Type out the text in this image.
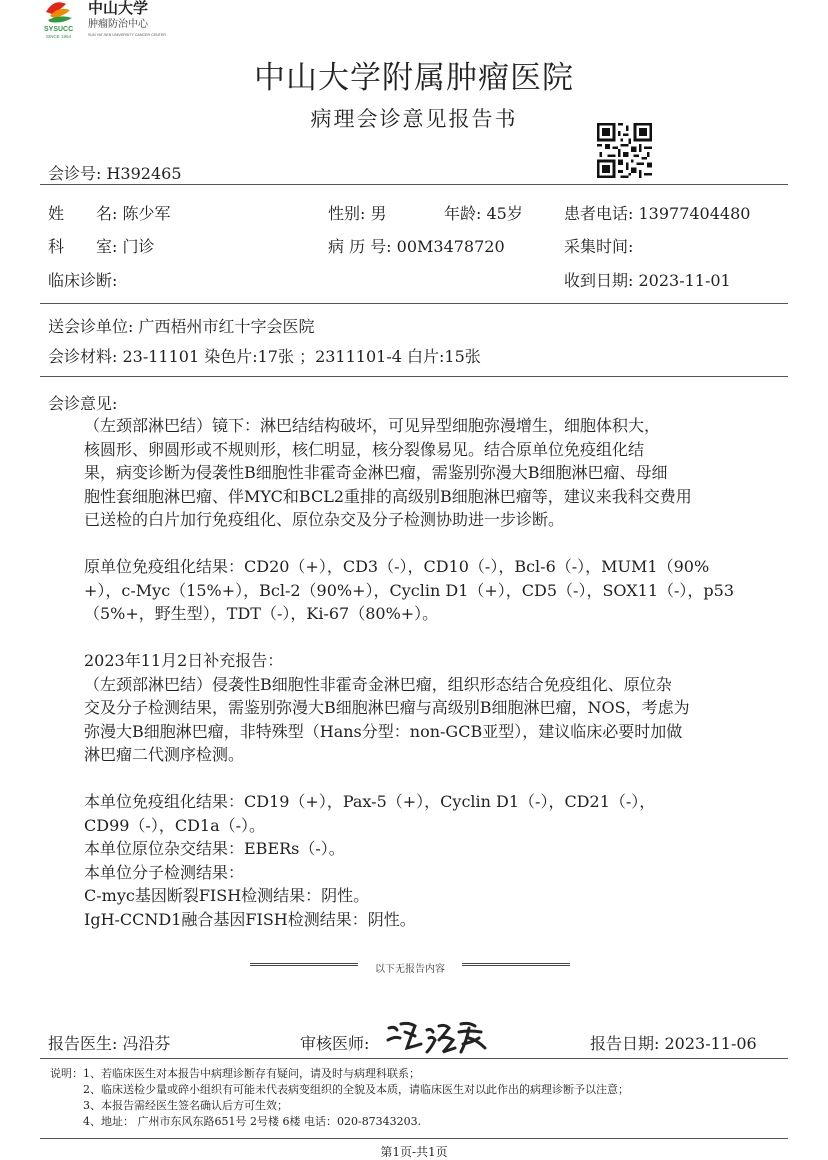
SYSUCC
SINCE 1964
中山大学
肿瘤防治中心
SUN YAT-SEN UNIVERSITY CANCER CENTER
中山大学附属肿瘤医院
病理会诊意见报告书
会诊号: H392465
姓　　名: 陈少军	性别: 男	年龄: 45岁	患者电话: 13977404480
科　　室: 门诊	病 历 号: 00M3478720	采集时间:
临床诊断:	收到日期: 2023-11-01
送会诊单位: 广西梧州市红十字会医院
会诊材料: 23-11101 染色片:17张 ；2311101-4 白片:15张
会诊意见:

（左颈部淋巴结）镜下：淋巴结结构破坏，可见异型细胞弥漫增生，细胞体积大，

核圆形、卵圆形或不规则形，核仁明显，核分裂像易见。结合原单位免疫组化结

果，病变诊断为侵袭性B细胞性非霍奇金淋巴瘤，需鉴别弥漫大B细胞淋巴瘤、母细

胞性套细胞淋巴瘤、伴MYC和BCL2重排的高级别B细胞淋巴瘤等，建议来我科交费用

已送检的白片加行免疫组化、原位杂交及分子检测协助进一步诊断。

原单位免疫组化结果：CD20（+），CD3（-），CD10（-），Bcl-6（-），MUM1（90%

+），c-Myc（15%+），Bcl-2（90%+），Cyclin D1（+），CD5（-），SOX11（-），p53

（5%+，野生型），TDT（-），Ki-67（80%+）。

2023年11月2日补充报告：

（左颈部淋巴结）侵袭性B细胞性非霍奇金淋巴瘤，组织形态结合免疫组化、原位杂

交及分子检测结果，需鉴别弥漫大B细胞淋巴瘤与高级别B细胞淋巴瘤，NOS，考虑为

弥漫大B细胞淋巴瘤，非特殊型（Hans分型：non-GCB亚型），建议临床必要时加做

淋巴瘤二代测序检测。

本单位免疫组化结果：CD19（+），Pax-5（+），Cyclin D1（-），CD21（-），

CD99（-），CD1a（-）。

本单位原位杂交结果：EBERs（-）。

本单位分子检测结果：

C-myc基因断裂FISH检测结果：阴性。

IgH-CCND1融合基因FISH检测结果：阴性。

以下无报告内容
报告医生: 冯沿芬	审核医师:	报告日期: 2023-11-06
说明：1、若临床医生对本报告中病理诊断存有疑问，请及时与病理科联系；
　　　2、临床送检少量或碎小组织有可能未代表病变组织的全貌及本质，请临床医生对以此作出的病理诊断予以注意；
　　　3、本报告需经医生签名确认后方可生效；
　　　4、地址： 广州市东风东路651号 2号楼 6楼 电话：020-87343203.
第1页-共1页
